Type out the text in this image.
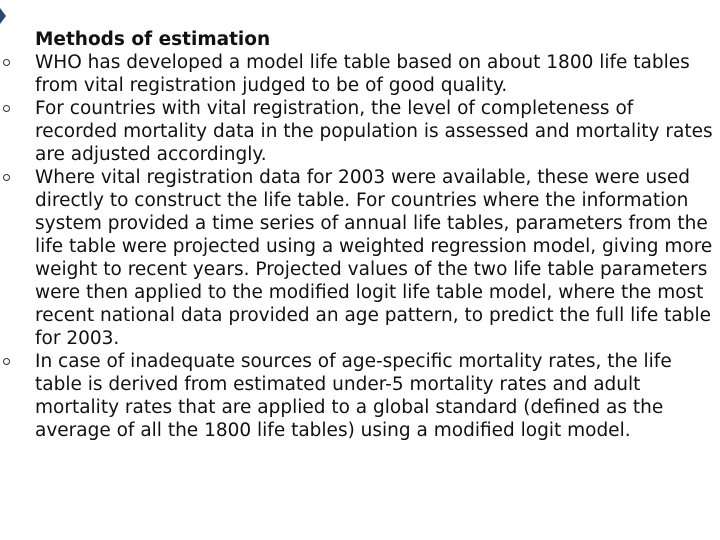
Methods of estimation
WHO has developed a model life table based on about 1800 life tables from vital registration judged to be of good quality.
For countries with vital registration, the level of completeness of recorded mortality data in the population is assessed and mortality rates are adjusted accordingly.
Where vital registration data for 2003 were available, these were used directly to construct the life table. For countries where the information system provided a time series of annual life tables, parameters from the life table were projected using a weighted regression model, giving more weight to recent years. Projected values of the two life table parameters were then applied to the modified logit life table model, where the most recent national data provided an age pattern, to predict the full life table for 2003.
In case of inadequate sources of age-specific mortality rates, the life table is derived from estimated under-5 mortality rates and adult mortality rates that are applied to a global standard (defined as the average of all the 1800 life tables) using a modified logit model.
